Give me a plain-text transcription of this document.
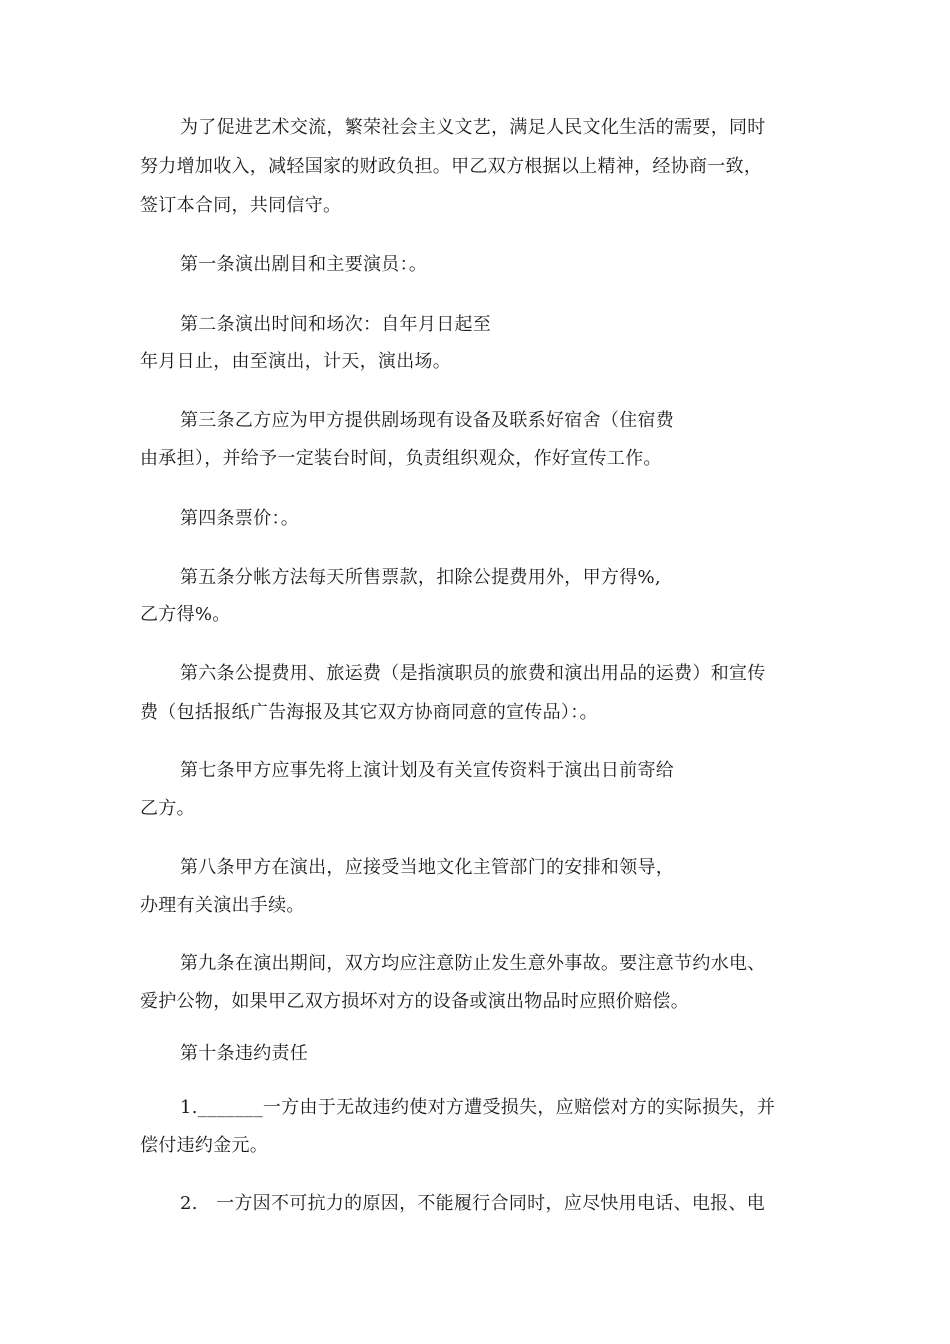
为了促进艺术交流，繁荣社会主义文艺，满足人民文化生活的需要，同时
努力增加收入，减轻国家的财政负担。甲乙双方根据以上精神，经协商一致，
签订本合同，共同信守。
第一条演出剧目和主要演员：。
第二条演出时间和场次：自年月日起至
年月日止，由至演出，计天，演出场。
第三条乙方应为甲方提供剧场现有设备及联系好宿舍（住宿费
由承担），并给予一定装台时间，负责组织观众，作好宣传工作。
第四条票价：。
第五条分帐方法每天所售票款，扣除公提费用外，甲方得%,
乙方得%。
第六条公提费用、旅运费（是指演职员的旅费和演出用品的运费）和宣传
费（包括报纸广告海报及其它双方协商同意的宣传品）：。
第七条甲方应事先将上演计划及有关宣传资料于演出日前寄给
乙方。
第八条甲方在演出，应接受当地文化主管部门的安排和领导，
办理有关演出手续。
第九条在演出期间，双方均应注意防止发生意外事故。要注意节约水电、
爱护公物，如果甲乙双方损坏对方的设备或演出物品时应照价赔偿。
第十条违约责任
1._______一方由于无故违约使对方遭受损失，应赔偿对方的实际损失，并
偿付违约金元。
2.　一方因不可抗力的原因，不能履行合同时，应尽快用电话、电报、电
